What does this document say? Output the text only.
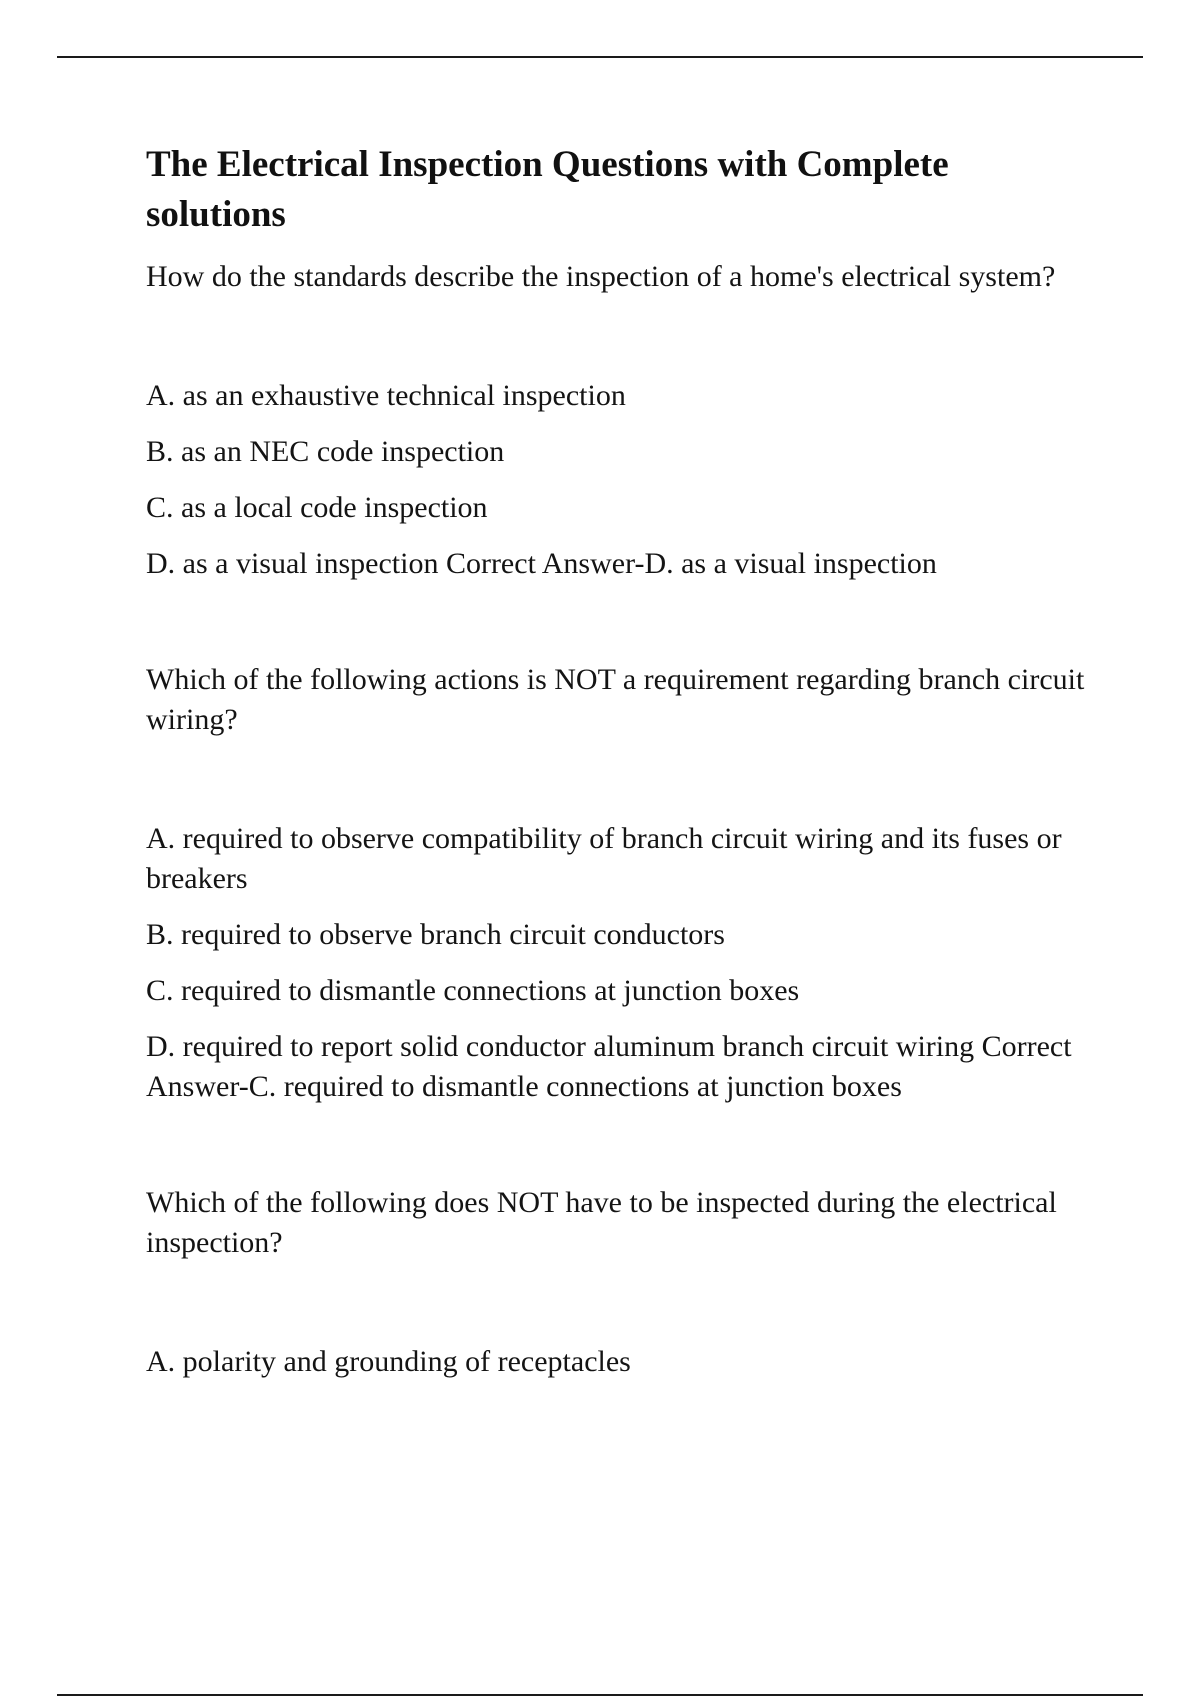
The Electrical Inspection Questions with Complete solutions

How do the standards describe the inspection of a home's electrical system?

A. as an exhaustive technical inspection

B. as an NEC code inspection

C. as a local code inspection

D. as a visual inspection Correct Answer-D. as a visual inspection

Which of the following actions is NOT a requirement regarding branch circuit wiring?

A. required to observe compatibility of branch circuit wiring and its fuses or breakers

B. required to observe branch circuit conductors

C. required to dismantle connections at junction boxes

D. required to report solid conductor aluminum branch circuit wiring Correct Answer-C. required to dismantle connections at junction boxes

Which of the following does NOT have to be inspected during the electrical inspection?

A. polarity and grounding of receptacles
